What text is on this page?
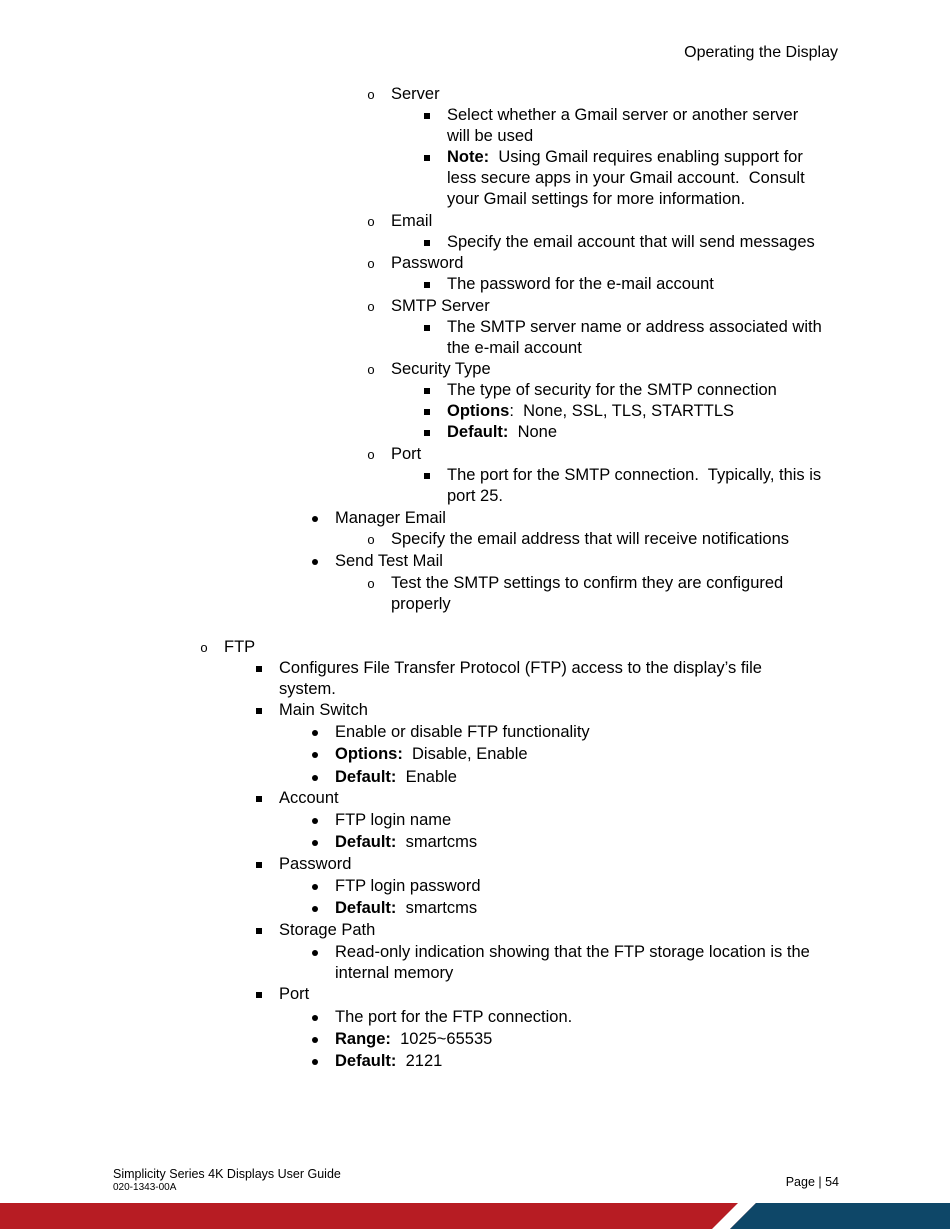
Operating the Display
o Server
Select whether a Gmail server or another server
will be used
Note:  Using Gmail requires enabling support for
less secure apps in your Gmail account.  Consult
your Gmail settings for more information.
o Email
Specify the email account that will send messages
o Password
The password for the e-mail account
o SMTP Server
The SMTP server name or address associated with
the e-mail account
o Security Type
The type of security for the SMTP connection
Options:  None, SSL, TLS, STARTTLS
Default:  None
o Port
The port for the SMTP connection.  Typically, this is
port 25.
Manager Email
o Specify the email address that will receive notifications
Send Test Mail
o Test the SMTP settings to confirm they are configured
properly
o FTP
Configures File Transfer Protocol (FTP) access to the display’s file
system.
Main Switch
Enable or disable FTP functionality
Options:  Disable, Enable
Default:  Enable
Account
FTP login name
Default:  smartcms
Password
FTP login password
Default:  smartcms
Storage Path
Read-only indication showing that the FTP storage location is the
internal memory
Port
The port for the FTP connection.
Range:  1025~65535
Default:  2121
Simplicity Series 4K Displays User Guide
020-1343-00A	Page | 54
